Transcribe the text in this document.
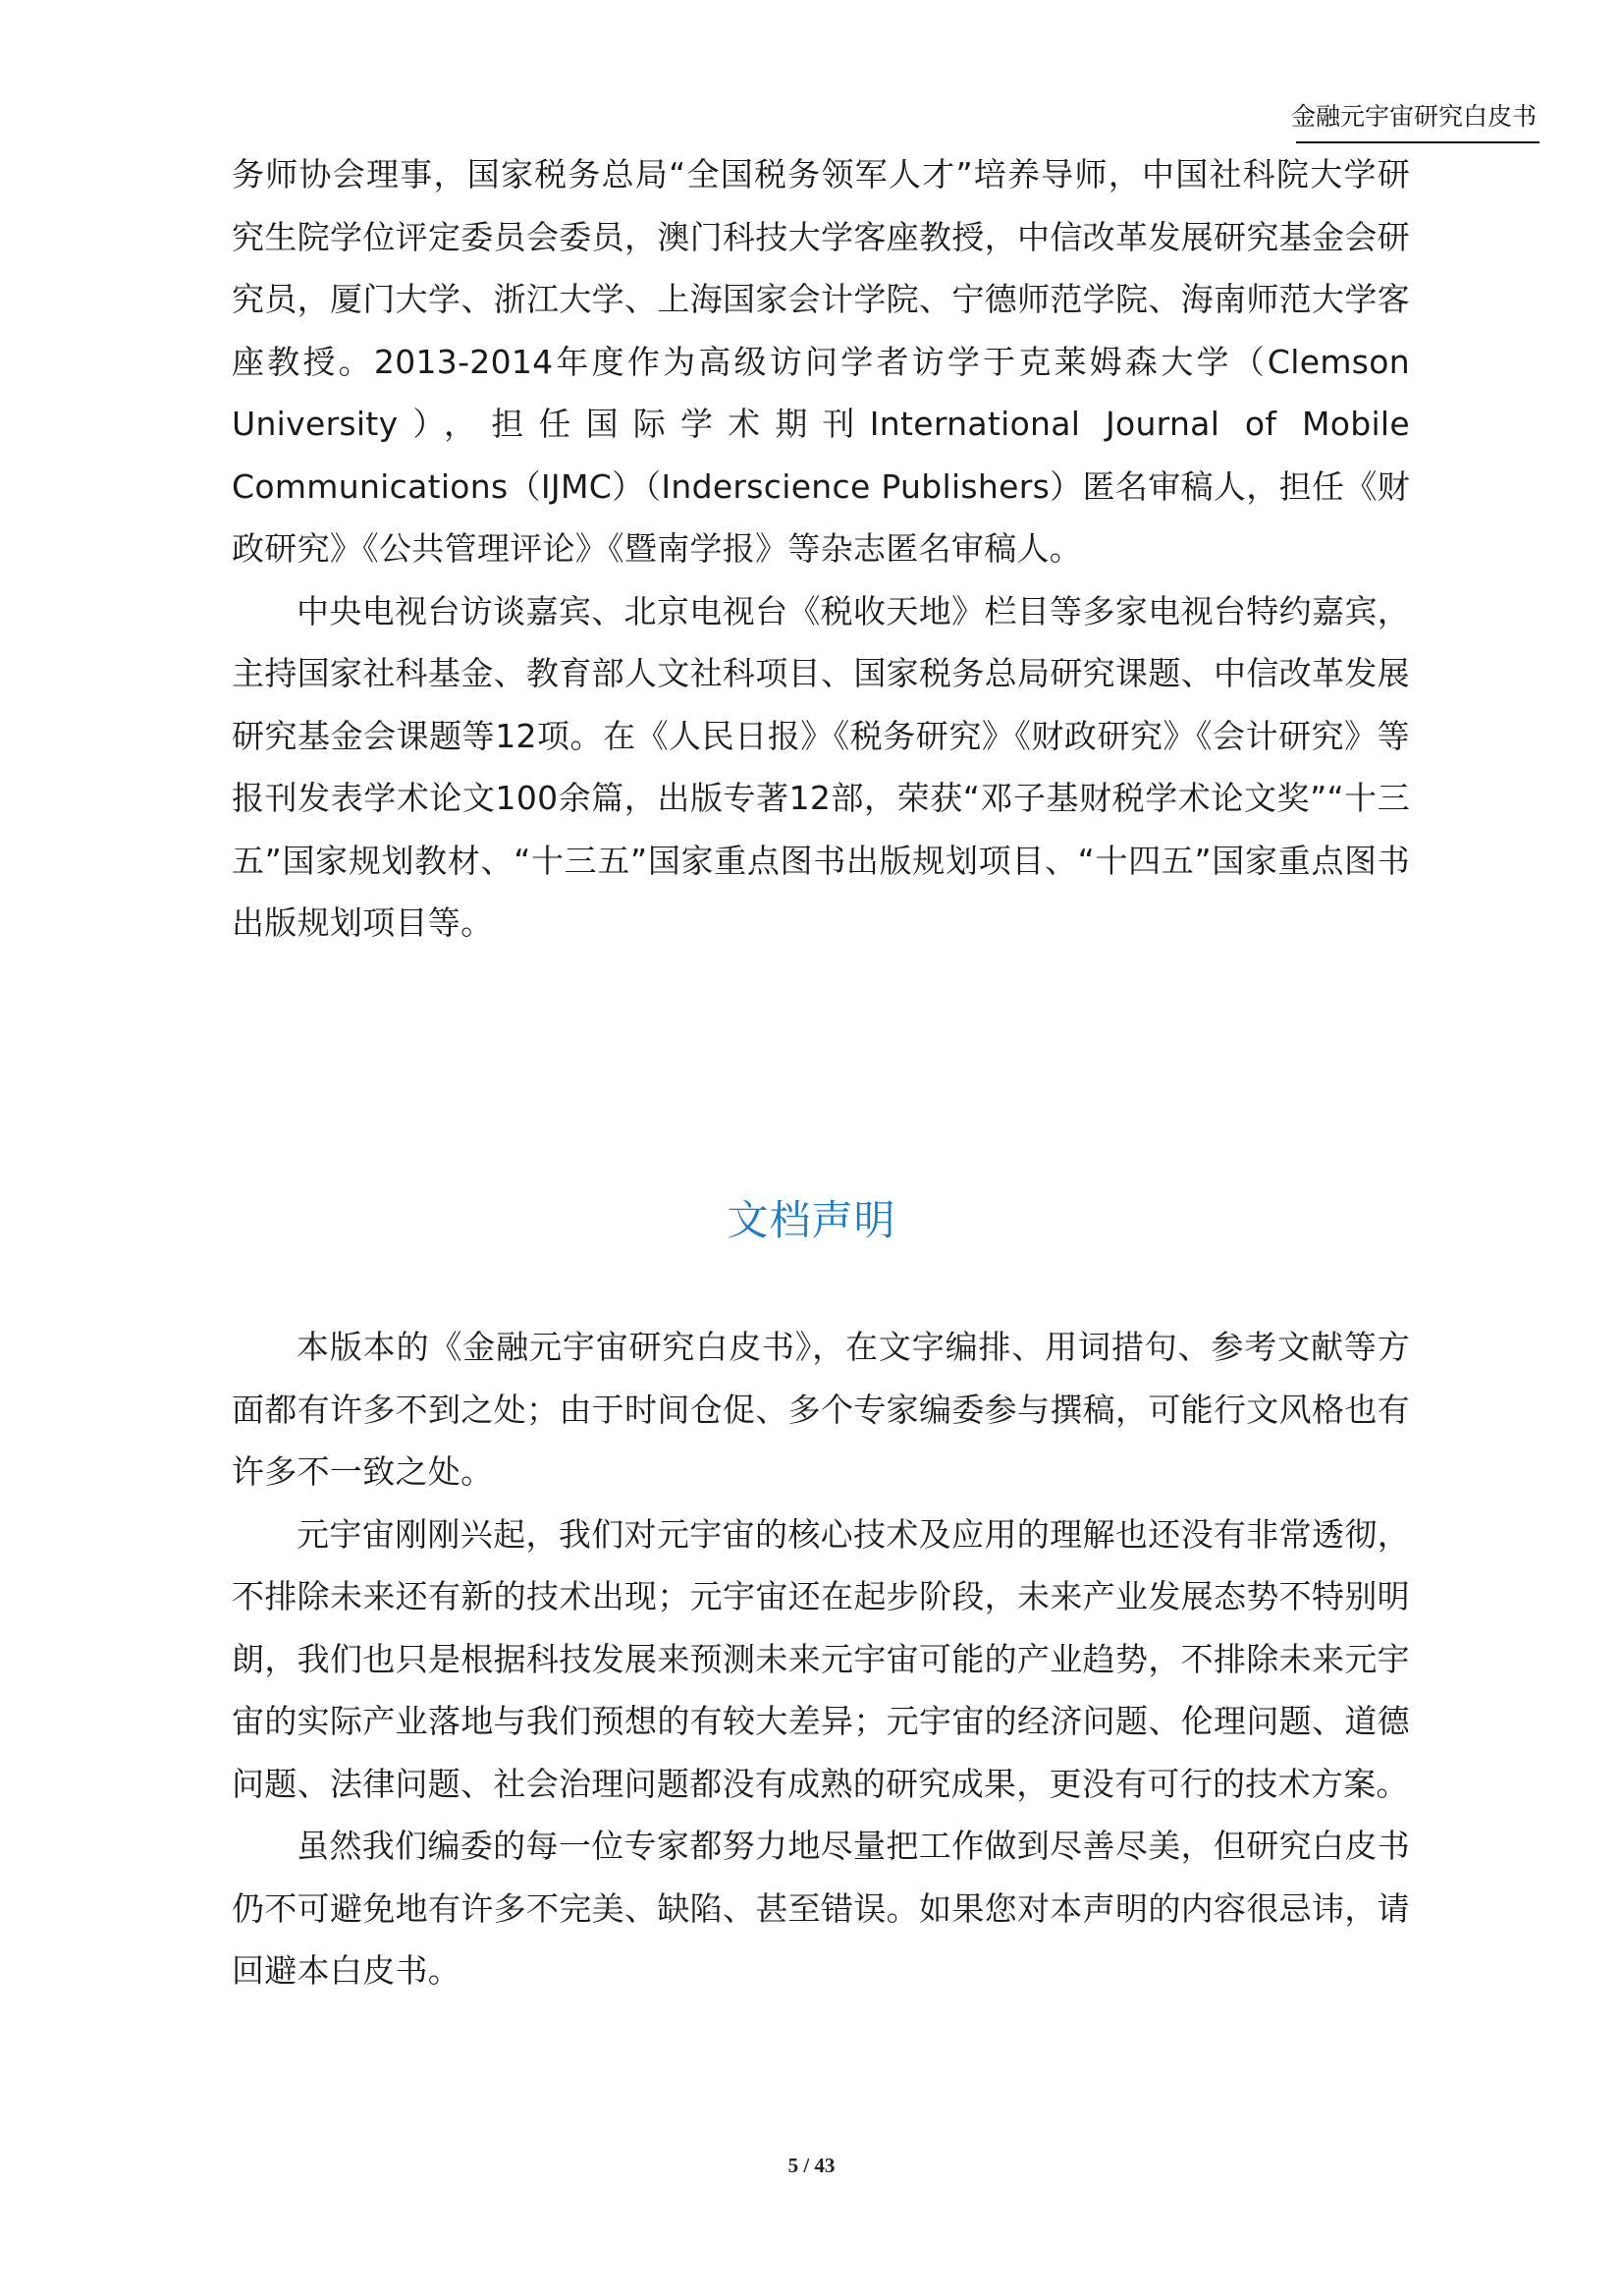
金融元宇宙研究白皮书

务师协会理事，国家税务总局“全国税务领军人才”培养导师，中国社科院大学研究生院学位评定委员会委员，澳门科技大学客座教授，中信改革发展研究基金会研究员，厦门大学、浙江大学、上海国家会计学院、宁德师范学院、海南师范大学客座教授。2013-2014年度作为高级访问学者访学于克莱姆森大学（Clemson University），担任国际学术期刊International Journal of Mobile Communications（IJMC）（Inderscience Publishers）匿名审稿人，担任《财政研究》《公共管理评论》《暨南学报》等杂志匿名审稿人。

中央电视台访谈嘉宾、北京电视台《税收天地》栏目等多家电视台特约嘉宾，主持国家社科基金、教育部人文社科项目、国家税务总局研究课题、中信改革发展研究基金会课题等12项。在《人民日报》《税务研究》《财政研究》《会计研究》等报刊发表学术论文100余篇，出版专著12部，荣获“邓子基财税学术论文奖”“十三五”国家规划教材、“十三五”国家重点图书出版规划项目、“十四五”国家重点图书出版规划项目等。

文档声明

本版本的《金融元宇宙研究白皮书》，在文字编排、用词措句、参考文献等方面都有许多不到之处；由于时间仓促、多个专家编委参与撰稿，可能行文风格也有许多不一致之处。

元宇宙刚刚兴起，我们对元宇宙的核心技术及应用的理解也还没有非常透彻，不排除未来还有新的技术出现；元宇宙还在起步阶段，未来产业发展态势不特别明朗，我们也只是根据科技发展来预测未来元宇宙可能的产业趋势，不排除未来元宇宙的实际产业落地与我们预想的有较大差异；元宇宙的经济问题、伦理问题、道德问题、法律问题、社会治理问题都没有成熟的研究成果，更没有可行的技术方案。

虽然我们编委的每一位专家都努力地尽量把工作做到尽善尽美，但研究白皮书仍不可避免地有许多不完美、缺陷、甚至错误。如果您对本声明的内容很忌讳，请回避本白皮书。

5 / 43
